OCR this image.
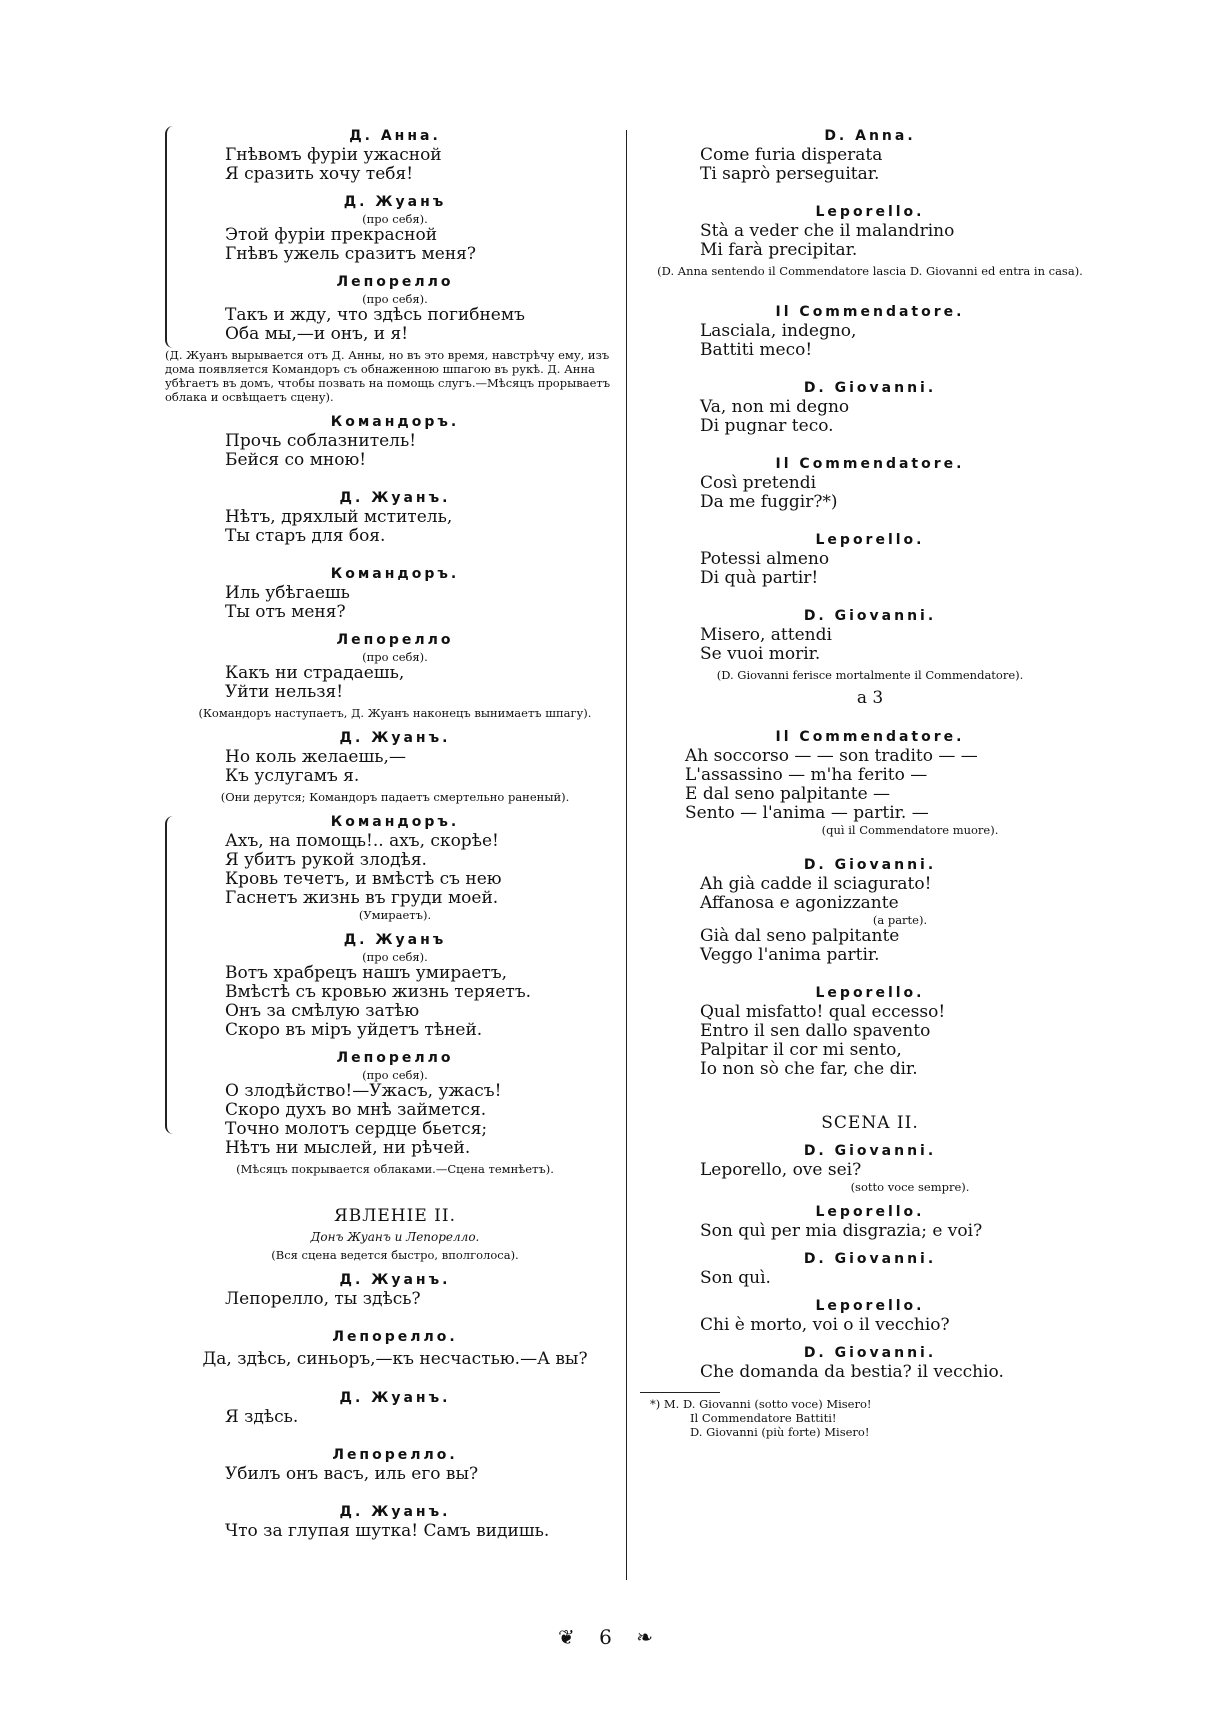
Д. Анна.

Гнѣвомъ фурiи ужасной

Я сразить хочу тебя!

Д. Жуанъ

(про себя).

Этой фурiи прекрасной

Гнѣвъ ужель сразитъ меня?

Лепорелло

(про себя).

Такъ и жду, что здѣсь погибнемъ

Оба мы,—и онъ, и я!

(Д. Жуанъ вырывается отъ Д. Анны, но въ это время, навстрѣчу ему, изъ дома появляется Командоръ съ обнаженною шпагою въ рукѣ. Д. Анна убѣгаетъ въ домъ, чтобы позвать на помощь слугъ.—Мѣсяцъ прорываетъ облака и освѣщаетъ сцену).

Командоръ.

Прочь соблазнитель!

Бейся со мною!

Д. Жуанъ.

Нѣтъ, дряхлый мститель,

Ты старъ для боя.

Командоръ.

Иль убѣгаешь

Ты отъ меня?

Лепорелло

(про себя).

Какъ ни страдаешь,

Уйти нельзя!

(Командоръ наступаетъ, Д. Жуанъ наконецъ вынимаетъ шпагу).

Д. Жуанъ.

Но коль желаешь,—

Къ услугамъ я.

(Они дерутся; Командоръ падаетъ смертельно раненый).

Командоръ.

Ахъ, на помощь!.. ахъ, скорѣе!

Я убитъ рукой злодѣя.

Кровь течетъ, и вмѣстѣ съ нею

Гаснетъ жизнь въ груди моей.

(Умираетъ).

Д. Жуанъ

(про себя).

Вотъ храбрецъ нашъ умираетъ,

Вмѣстѣ съ кровью жизнь теряетъ.

Онъ за смѣлую затѣю

Скоро въ мiръ уйдетъ тѣней.

Лепорелло

(про себя).

О злодѣйство!—Ужасъ, ужасъ!

Скоро духъ во мнѣ займется.

Точно молотъ сердце бьется;

Нѣтъ ни мыслей, ни рѣчей.

(Мѣсяцъ покрывается облаками.—Сцена темнѣетъ).

ЯВЛЕНIЕ II.

Донъ Жуанъ и Лепорелло.

(Вся сцена ведется быстро, вполголоса).

Д. Жуанъ.

Лепорелло, ты здѣсь?

Лепорелло.

Да, здѣсь, синьоръ,—къ несчастью.—А вы?

Д. Жуанъ.

Я здѣсь.

Лепорелло.

Убилъ онъ васъ, иль его вы?

Д. Жуанъ.

Что за глупая шутка! Самъ видишь.

D. Anna.

Come furia disperata

Ti saprò perseguitar.

Leporello.

Stà a veder che il malandrino

Mi farà precipitar.

(D. Anna sentendo il Commendatore lascia D. Giovanni ed entra in casa).

Il Commendatore.

Lasciala, indegno,

Battiti meco!

D. Giovanni.

Va, non mi degno

Di pugnar teco.

Il Commendatore.

Così pretendi

Da me fuggir?*)

Leporello.

Potessi almeno

Di quà partir!

D. Giovanni.

Misero, attendi

Se vuoi morir.

(D. Giovanni ferisce mortalmente il Commendatore).

a 3

Il Commendatore.

Ah soccorso — — son tradito — —

L'assassino — m'ha ferito —

E dal seno palpitante —

Sento — l'anima — partir. —

(quì il Commendatore muore).

D. Giovanni.

Ah già cadde il sciagurato!

Affanosa e agonizzante

(a parte).

Già dal seno palpitante

Veggo l'anima partir.

Leporello.

Qual misfatto! qual eccesso!

Entro il sen dallo spavento

Palpitar il cor mi sento,

Io non sò che far, che dir.

SCENA II.

D. Giovanni.

Leporello, ove sei?

(sotto voce sempre).

Leporello.

Son quì per mia disgrazia; e voi?

D. Giovanni.

Son quì.

Leporello.

Chi è morto, voi o il vecchio?

D. Giovanni.

Che domanda da bestia? il vecchio.

*) M. D. Giovanni (sotto voce) Misero!

Il Commendatore Battiti!

D. Giovanni (più forte) Misero!

❦ 6 ❧
